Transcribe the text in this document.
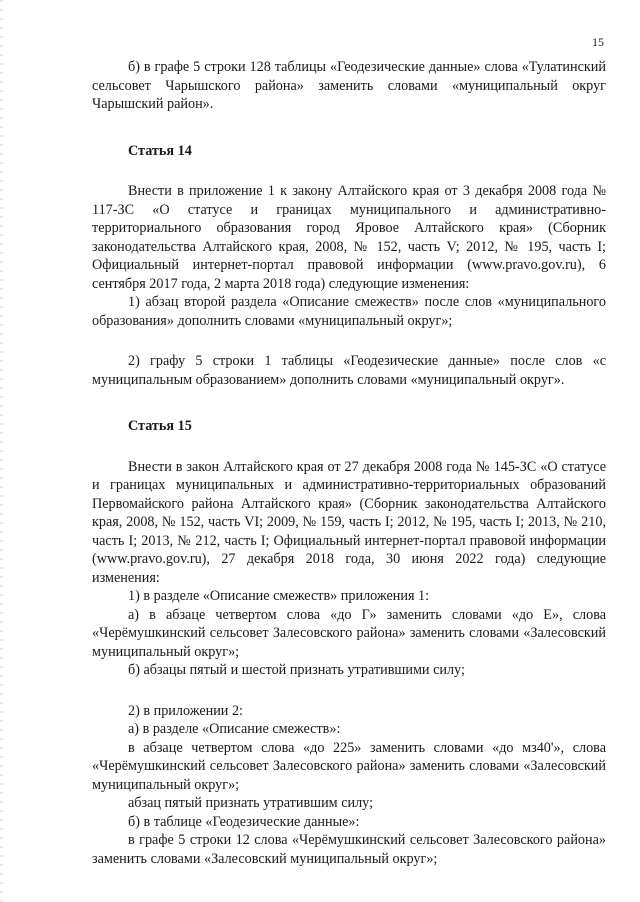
15

б) в графе 5 строки 128 таблицы «Геодезические данные» слова «Тулатинский сельсовет Чарышского района» заменить словами «муниципальный округ Чарышский район».

Статья 14

Внести в приложение 1 к закону Алтайского края от 3 декабря 2008 года № 117-ЗС «О статусе и границах муниципального и административно-территориального образования город Яровое Алтайского края» (Сборник законодательства Алтайского края, 2008, № 152, часть V; 2012, № 195, часть I; Официальный интернет-портал правовой информации (www.pravo.gov.ru), 6 сентября 2017 года, 2 марта 2018 года) следующие изменения:

1) абзац второй раздела «Описание смежеств» после слов «муниципального образования» дополнить словами «муниципальный округ»;

2) графу 5 строки 1 таблицы «Геодезические данные» после слов «с муниципальным образованием» дополнить словами «муниципальный округ».

Статья 15

Внести в закон Алтайского края от 27 декабря 2008 года № 145-ЗС «О статусе и границах муниципальных и административно-территориальных образований Первомайского района Алтайского края» (Сборник законодательства Алтайского края, 2008, № 152, часть VI; 2009, № 159, часть I; 2012, № 195, часть I; 2013, № 210, часть I; 2013, № 212, часть I; Официальный интернет-портал правовой информации (www.pravo.gov.ru), 27 декабря 2018 года, 30 июня 2022 года) следующие изменения:

1) в разделе «Описание смежеств» приложения 1:

а) в абзаце четвертом слова «до Г» заменить словами «до Е», слова «Черёмушкинский сельсовет Залесовского района» заменить словами «Залесовский муниципальный округ»;

б) абзацы пятый и шестой признать утратившими силу;

2) в приложении 2:

а) в разделе «Описание смежеств»:

в абзаце четвертом слова «до 225» заменить словами «до мз40'», слова «Черёмушкинский сельсовет Залесовского района» заменить словами «Залесовский муниципальный округ»;

абзац пятый признать утратившим силу;

б) в таблице «Геодезические данные»:

в графе 5 строки 12 слова «Черёмушкинский сельсовет Залесовского района» заменить словами «Залесовский муниципальный округ»;
